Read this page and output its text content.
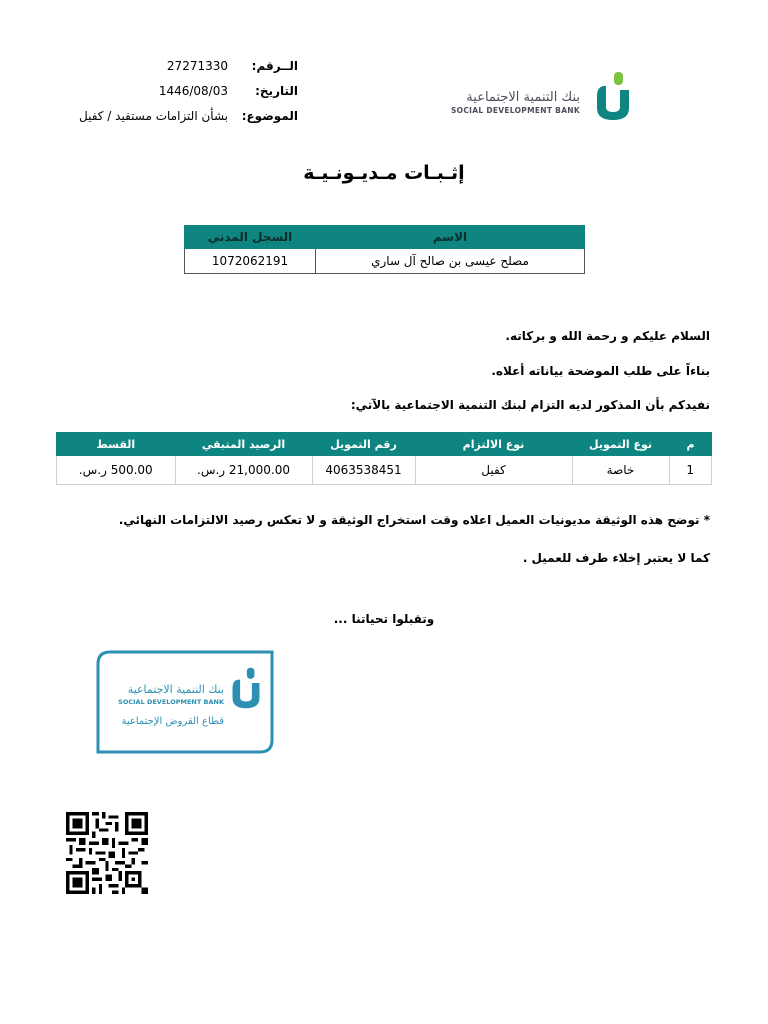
الــرقم:
27271330
التاريخ:
1446/08/03
الموضوع:
بشأن التزامات مستفيد / كفيل
بنك التنمية الاجتماعية
SOCIAL DEVELOPMENT BANK
إثـبـات مـديـونـيـة
الاسم	السجل المدني
مصلح عيسى بن صالح آل ساري	1072062191
السلام عليكم و رحمة الله و بركاته.
بناءاً على طلب الموضحة بياناته أعلاه.
نفيدكم بأن المذكور لديه التزام لبنك التنمية الاجتماعية بالآتي:
م	نوع التمويل	نوع الالتزام	رقم التمويل	الرصيد المتبقي	القسط
1	خاصة	كفيل	4063538451	21,000.00 ر.س.	500.00 ر.س.
* توضح هذه الوثيقة مديونيات العميل اعلاه وقت استخراج الوثيقة و لا تعكس رصيد الالتزامات النهائي.
كما لا يعتبر إخلاء طرف للعميل .
وتقبلوا تحياتنا ...
بنك التنمية الاجتماعية
SOCIAL DEVELOPMENT BANK
قطاع القروض الإجتماعية
